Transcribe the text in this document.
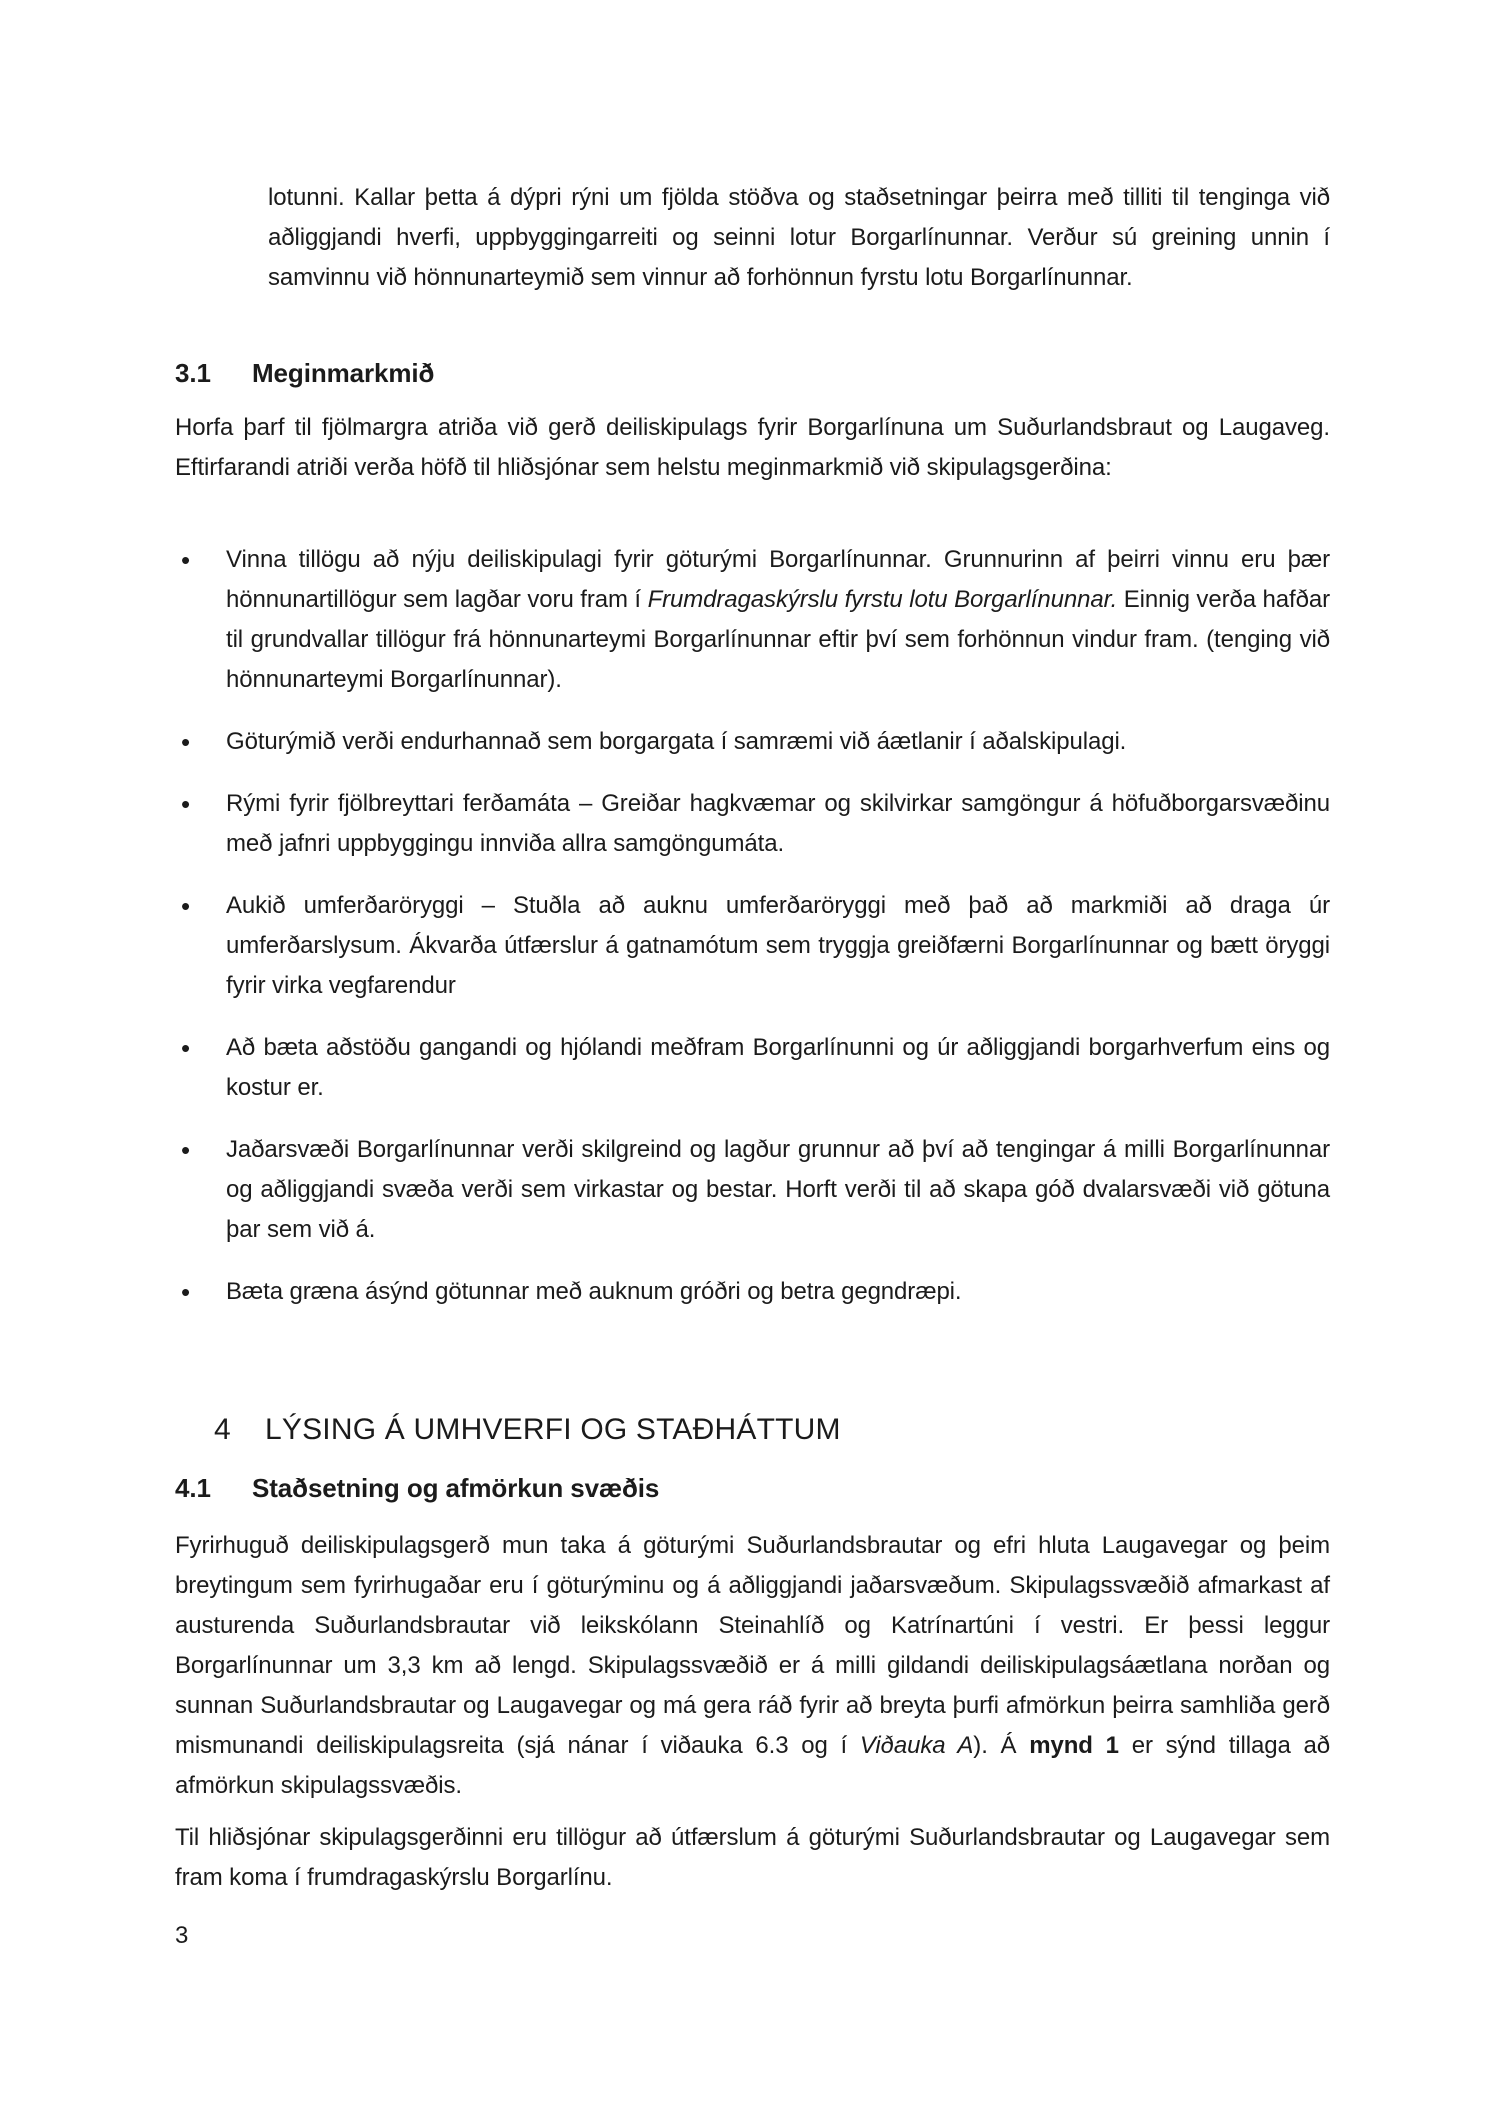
lotunni. Kallar þetta á dýpri rýni um fjölda stöðva og staðsetningar þeirra með tilliti til tenginga við aðliggjandi hverfi, uppbyggingarreiti og seinni lotur Borgarlínunnar. Verður sú greining unnin í samvinnu við hönnunarteymið sem vinnur að forhönnun fyrstu lotu Borgarlínunnar.

3.1 Meginmarkmið

Horfa þarf til fjölmargra atriða við gerð deiliskipulags fyrir Borgarlínuna um Suðurlandsbraut og Laugaveg. Eftirfarandi atriði verða höfð til hliðsjónar sem helstu meginmarkmið við skipulagsgerðina:

• Vinna tillögu að nýju deiliskipulagi fyrir göturými Borgarlínunnar. Grunnurinn af þeirri vinnu eru þær hönnunartillögur sem lagðar voru fram í Frumdragaskýrslu fyrstu lotu Borgarlínunnar. Einnig verða hafðar til grundvallar tillögur frá hönnunarteymi Borgarlínunnar eftir því sem forhönnun vindur fram. (tenging við hönnunarteymi Borgarlínunnar).
• Göturýmið verði endurhannað sem borgargata í samræmi við áætlanir í aðalskipulagi.
• Rými fyrir fjölbreyttari ferðamáta – Greiðar hagkvæmar og skilvirkar samgöngur á höfuðborgarsvæðinu með jafnri uppbyggingu innviða allra samgöngumáta.
• Aukið umferðaröryggi – Stuðla að auknu umferðaröryggi með það að markmiði að draga úr umferðarslysum. Ákvarða útfærslur á gatnamótum sem tryggja greiðfærni Borgarlínunnar og bætt öryggi fyrir virka vegfarendur
• Að bæta aðstöðu gangandi og hjólandi meðfram Borgarlínunni og úr aðliggjandi borgarhverfum eins og kostur er.
• Jaðarsvæði Borgarlínunnar verði skilgreind og lagður grunnur að því að tengingar á milli Borgarlínunnar og aðliggjandi svæða verði sem virkastar og bestar. Horft verði til að skapa góð dvalarsvæði við götuna þar sem við á.
• Bæta græna ásýnd götunnar með auknum gróðri og betra gegndræpi.
4 LÝSING Á UMHVERFI OG STAÐHÁTTUM
4.1 Staðsetning og afmörkun svæðis

Fyrirhuguð deiliskipulagsgerð mun taka á göturými Suðurlandsbrautar og efri hluta Laugavegar og þeim breytingum sem fyrirhugaðar eru í göturýminu og á aðliggjandi jaðarsvæðum. Skipulagssvæðið afmarkast af austurenda Suðurlandsbrautar við leikskólann Steinahlíð og Katrínartúni í vestri. Er þessi leggur Borgarlínunnar um 3,3 km að lengd. Skipulagssvæðið er á milli gildandi deiliskipulagsáætlana norðan og sunnan Suðurlandsbrautar og Laugavegar og má gera ráð fyrir að breyta þurfi afmörkun þeirra samhliða gerð mismunandi deiliskipulagsreita (sjá nánar í viðauka 6.3 og í Viðauka A). Á mynd 1 er sýnd tillaga að afmörkun skipulagssvæðis.

Til hliðsjónar skipulagsgerðinni eru tillögur að útfærslum á göturými Suðurlandsbrautar og Laugavegar sem fram koma í frumdragaskýrslu Borgarlínu.

3
